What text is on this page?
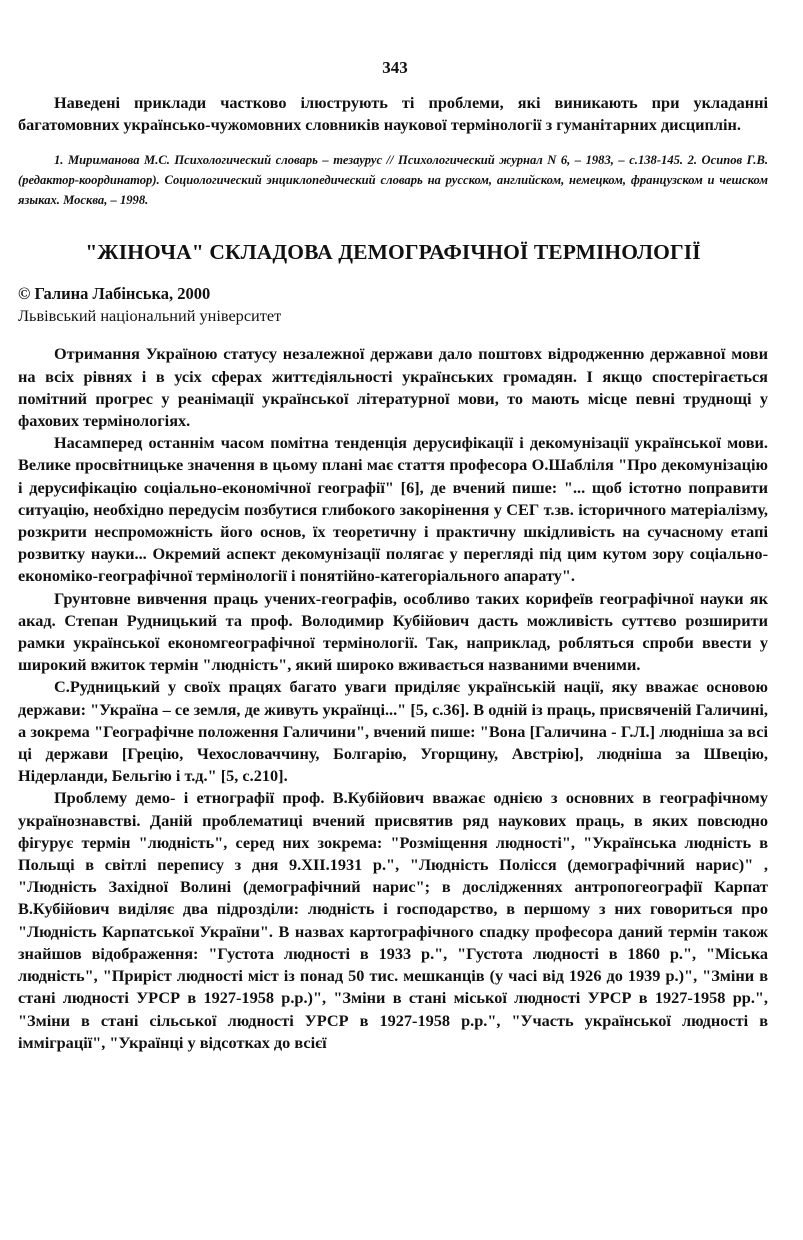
343

Наведені приклади частково ілюструють ті проблеми, які виникають при укладанні багатомовних українсько-чужомовних словників наукової термінології з гуманітарних дисциплін.

1. Мириманова М.С. Психологический словарь – тезаурус // Психологический журнал N 6, – 1983, – с.138-145. 2. Осипов Г.В. (редактор-координатор). Социологический энциклопедический словарь на русском, английском, немецком, французском и чешском языках. Москва, – 1998.

"ЖІНОЧА" СКЛАДОВА ДЕМОГРАФІЧНОЇ ТЕРМІНОЛОГІЇ
© Галина Лабінська, 2000
Львівський національний університет

Отримання Україною статусу незалежної держави дало поштовх відродженню державної мови на всіх рівнях і в усіх сферах життєдіяльності українських громадян. І якщо спостерігається помітний прогрес у реанімації української літературної мови, то мають місце певні труднощі у фахових термінологіях.

Насамперед останнім часом помітна тенденція дерусифікації і декомунізації української мови. Велике просвітницьке значення в цьому плані має стаття професора О.Шабліля "Про декомунізацію і дерусифікацію соціально-економічної географії" [6], де вчений пише: "... щоб істотно поправити ситуацію, необхідно передусім позбутися глибокого закорінення у СЕГ т.зв. історичного матеріалізму, розкрити неспроможність його основ, їх теоретичну і практичну шкідливість на сучасному етапі розвитку науки... Окремий аспект декомунізації полягає у перегляді під цим кутом зору соціально-економіко-географічної термінології і понятійно-категоріального апарату".

Грунтовне вивчення праць учених-географів, особливо таких корифеїв географічної науки як акад. Степан Рудницький та проф. Володимир Кубійович дасть можливість суттєво розширити рамки української економгеографічної термінології. Так, наприклад, робляться спроби ввести у широкий вжиток термін "людність", який широко вживається названими вченими.

С.Рудницький у своїх працях багато уваги приділяє українській нації, яку вважає основою держави: "Україна – се земля, де живуть українці..." [5, с.36]. В одній із праць, присвяченій Галичині, а зокрема "Географічне положення Галичини", вчений пише: "Вона [Галичина - Г.Л.] людніша за всі ці держави [Грецію, Чехословаччину, Болгарію, Угорщину, Австрію], людніша за Швецію, Нідерланди, Бельгію і т.д." [5, с.210].

Проблему демо- і етнографії проф. В.Кубійович вважає однією з основних в географічному українознавстві. Даній проблематиці вчений присвятив ряд наукових праць, в яких повсюдно фігурує термін "людність", серед них зокрема: "Розміщення людності", "Українська людність в Польщі в світлі перепису з дня 9.ХІІ.1931 р.", "Людність Полісся (демографічний нарис)" , "Людність Західної Волині (демографічний нарис"; в дослідженнях антропогеографії Карпат В.Кубійович виділяє два підрозділи: людність і господарство, в першому з них говориться про "Людність Карпатської України". В назвах картографічного спадку професора даний термін також знайшов відображення: "Густота людності в 1933 р.", "Густота людності в 1860 р.", "Міська людність", "Приріст людності міст із понад 50 тис. мешканців (у часі від 1926 до 1939 р.)", "Зміни в стані людності УРСР в 1927-1958 р.р.)", "Зміни в стані міської людності УРСР в 1927-1958 рр.", "Зміни в стані сільської людності УРСР в 1927-1958 р.р.", "Участь української людності в імміграції", "Українці у відсотках до всієї
